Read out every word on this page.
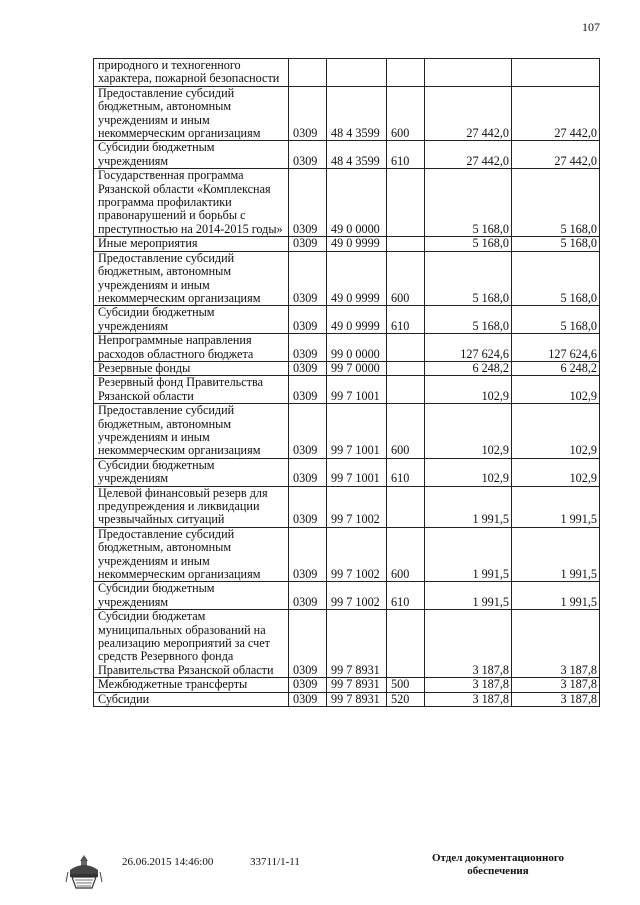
107
природного и техногенного характера, пожарной безопасности					
Предоставление субсидий бюджетным, автономным учреждениям и иным некоммерческим организациям	0309	48 4 3599	600	27 442,0	27 442,0
Субсидии бюджетным учреждениям	0309	48 4 3599	610	27 442,0	27 442,0
Государственная программа Рязанской области «Комплексная программа профилактики правонарушений и борьбы с преступностью на 2014-2015 годы»	0309	49 0 0000		5 168,0	5 168,0
Иные мероприятия	0309	49 0 9999		5 168,0	5 168,0
Предоставление субсидий бюджетным, автономным учреждениям и иным некоммерческим организациям	0309	49 0 9999	600	5 168,0	5 168,0
Субсидии бюджетным учреждениям	0309	49 0 9999	610	5 168,0	5 168,0
Непрограммные направления расходов областного бюджета	0309	99 0 0000		127 624,6	127 624,6
Резервные фонды	0309	99 7 0000		6 248,2	6 248,2
Резервный фонд Правительства Рязанской области	0309	99 7 1001		102,9	102,9
Предоставление субсидий бюджетным, автономным учреждениям и иным некоммерческим организациям	0309	99 7 1001	600	102,9	102,9
Субсидии бюджетным учреждениям	0309	99 7 1001	610	102,9	102,9
Целевой финансовый резерв для предупреждения и ликвидации чрезвычайных ситуаций	0309	99 7 1002		1 991,5	1 991,5
Предоставление субсидий бюджетным, автономным учреждениям и иным некоммерческим организациям	0309	99 7 1002	600	1 991,5	1 991,5
Субсидии бюджетным учреждениям	0309	99 7 1002	610	1 991,5	1 991,5
Субсидии бюджетам муниципальных образований на реализацию мероприятий за счет средств Резервного фонда Правительства Рязанской области	0309	99 7 8931		3 187,8	3 187,8
Межбюджетные трансферты	0309	99 7 8931	500	3 187,8	3 187,8
Субсидии	0309	99 7 8931	520	3 187,8	3 187,8
26.06.2015 14:46:00	33711/1-11	Отдел документационного обеспечения
